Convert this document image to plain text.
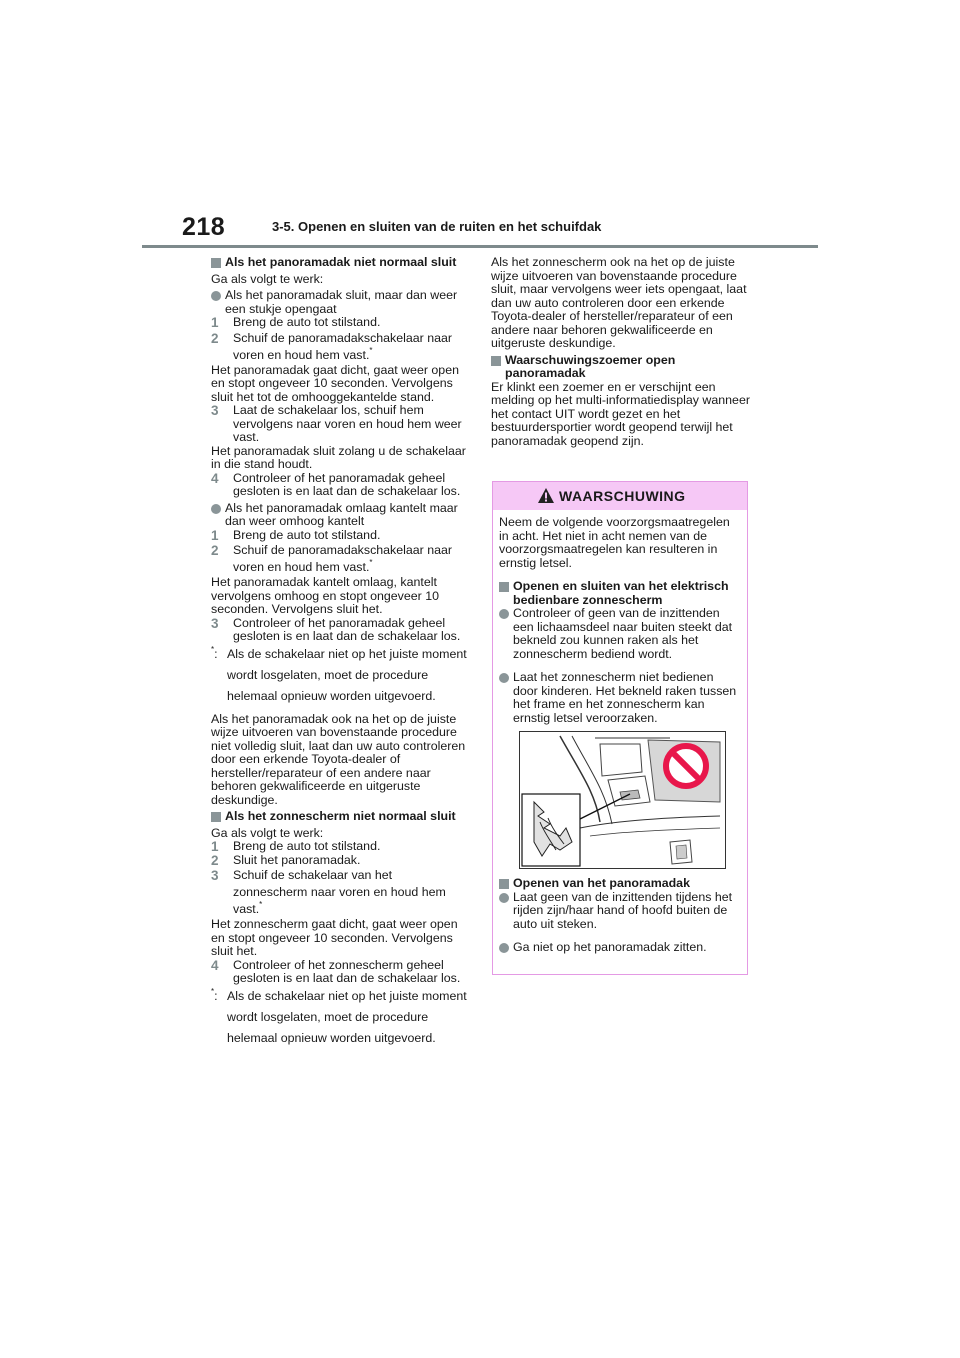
218	3-5. Openen en sluiten van de ruiten en het schuifdak

Als het panoramadak niet normaal sluit

Ga als volgt te werk:

Als het panoramadak sluit, maar dan weer een stukje opengaat

1 Breng de auto tot stilstand.

2 Schuif de panoramadakschakelaar naar voren en houd hem vast.*

Het panoramadak gaat dicht, gaat weer open en stopt ongeveer 10 seconden. Vervolgens sluit het tot de omhooggekantelde stand.

3 Laat de schakelaar los, schuif hem vervolgens naar voren en houd hem weer vast.

Het panoramadak sluit zolang u de schakelaar in die stand houdt.

4 Controleer of het panoramadak geheel gesloten is en laat dan de schakelaar los.

Als het panoramadak omlaag kantelt maar dan weer omhoog kantelt

1 Breng de auto tot stilstand.

2 Schuif de panoramadakschakelaar naar voren en houd hem vast.*

Het panoramadak kantelt omlaag, kantelt vervolgens omhoog en stopt ongeveer 10 seconden. Vervolgens sluit het.

3 Controleer of het panoramadak geheel gesloten is en laat dan de schakelaar los.

*: Als de schakelaar niet op het juiste moment wordt losgelaten, moet de procedure helemaal opnieuw worden uitgevoerd.

Als het panoramadak ook na het op de juiste wijze uitvoeren van bovenstaande procedure niet volledig sluit, laat dan uw auto controleren door een erkende Toyota-dealer of hersteller/reparateur of een andere naar behoren gekwalificeerde en uitgeruste deskundige.

Als het zonnescherm niet normaal sluit

Ga als volgt te werk:

1 Breng de auto tot stilstand.

2 Sluit het panoramadak.

3 Schuif de schakelaar van het zonnescherm naar voren en houd hem vast.*

Het zonnescherm gaat dicht, gaat weer open en stopt ongeveer 10 seconden. Vervolgens sluit het.

4 Controleer of het zonnescherm geheel gesloten is en laat dan de schakelaar los.

*: Als de schakelaar niet op het juiste moment wordt losgelaten, moet de procedure helemaal opnieuw worden uitgevoerd.

Als het zonnescherm ook na het op de juiste wijze uitvoeren van bovenstaande procedure sluit, maar vervolgens weer iets opengaat, laat dan uw auto controleren door een erkende Toyota-dealer of hersteller/reparateur of een andere naar behoren gekwalificeerde en uitgeruste deskundige.

Waarschuwingszoemer open panoramadak

Er klinkt een zoemer en er verschijnt een melding op het multi-informatiedisplay wanneer het contact UIT wordt gezet en het bestuurdersportier wordt geopend terwijl het panoramadak geopend zijn.

WAARSCHUWING

Neem de volgende voorzorgsmaatregelen in acht. Het niet in acht nemen van de voorzorgsmaatregelen kan resulteren in ernstig letsel.

Openen en sluiten van het elektrisch bedienbare zonnescherm

Controleer of geen van de inzittenden een lichaamsdeel naar buiten steekt dat bekneld zou kunnen raken als het zonnescherm bediend wordt.

Laat het zonnescherm niet bedienen door kinderen. Het bekneld raken tussen het frame en het zonnescherm kan ernstig letsel veroorzaken.

Openen van het panoramadak

Laat geen van de inzittenden tijdens het rijden zijn/haar hand of hoofd buiten de auto uit steken.

Ga niet op het panoramadak zitten.
